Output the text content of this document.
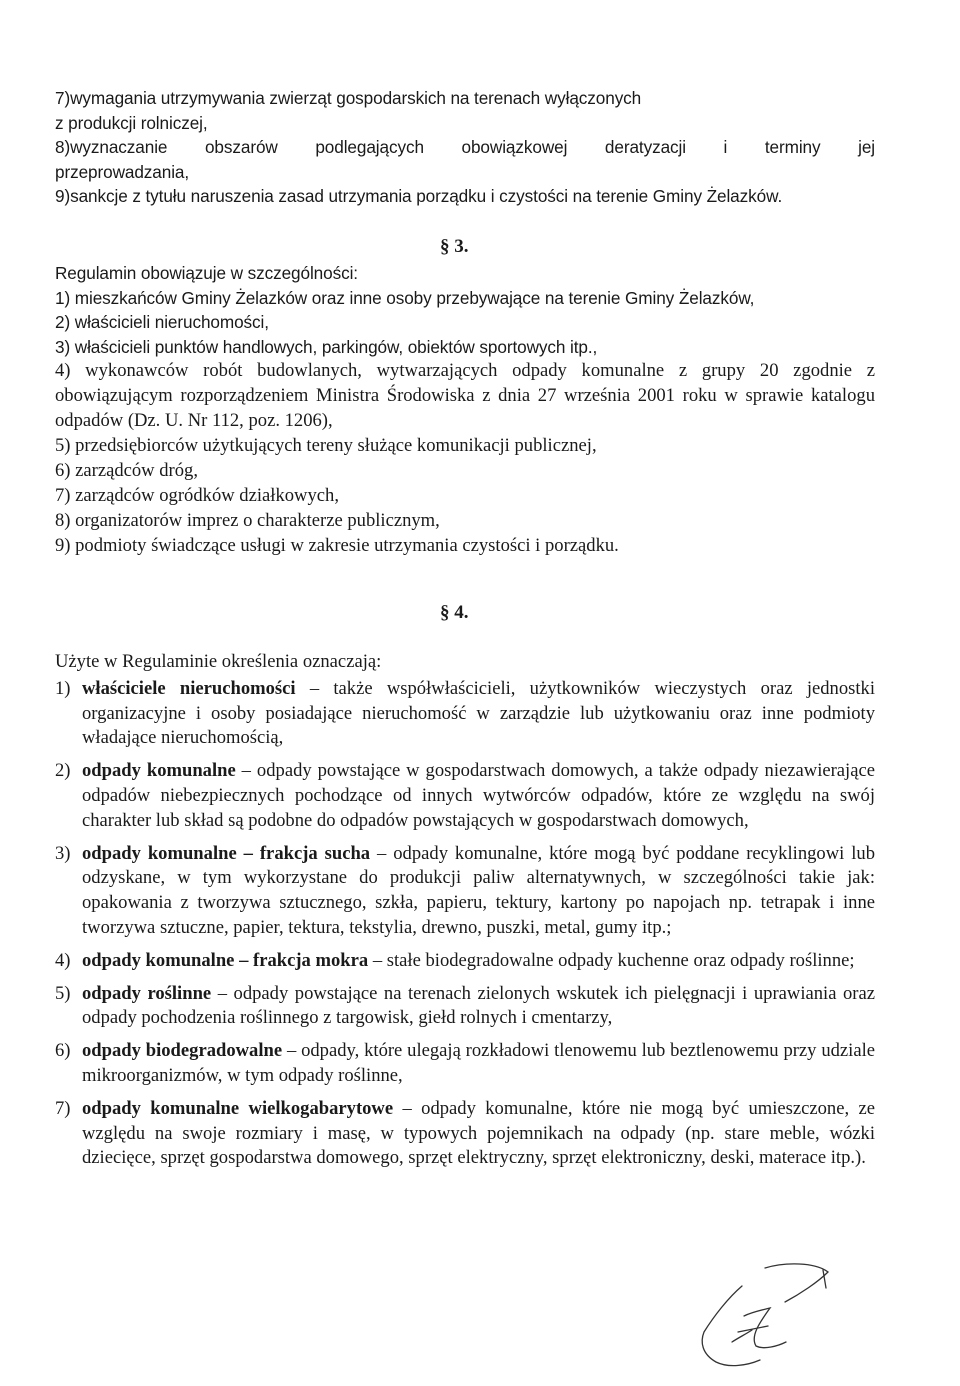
7)wymagania utrzymywania zwierząt gospodarskich na terenach wyłączonych
z produkcji rolniczej,
8)wyznaczanie obszarów podlegających obowiązkowej deratyzacji i terminy jej
przeprowadzania,
9)sankcje z tytułu naruszenia zasad utrzymania porządku i czystości na terenie Gminy Żelazków.
§ 3.
Regulamin obowiązuje w szczególności:
1) mieszkańców Gminy Żelazków oraz inne osoby przebywające na terenie Gminy Żelazków,
2) właścicieli nieruchomości,
3) właścicieli punktów handlowych, parkingów, obiektów sportowych itp.,
4) wykonawców robót budowlanych, wytwarzających odpady komunalne z grupy 20 zgodnie z obowiązującym rozporządzeniem Ministra Środowiska z dnia 27 września 2001 roku w sprawie katalogu odpadów (Dz. U. Nr 112, poz. 1206),
5) przedsiębiorców użytkujących tereny służące komunikacji publicznej,
6) zarządców dróg,
7) zarządców ogródków działkowych,
8) organizatorów imprez o charakterze publicznym,
9) podmioty świadczące usługi w zakresie utrzymania czystości i porządku.
§ 4.
Użyte w Regulaminie określenia oznaczają:
1) właściciele nieruchomości – także współwłaścicieli, użytkowników wieczystych oraz jednostki organizacyjne i osoby posiadające nieruchomość w zarządzie lub użytkowaniu oraz inne podmioty władające nieruchomością,
2) odpady komunalne – odpady powstające w gospodarstwach domowych, a także odpady niezawierające odpadów niebezpiecznych pochodzące od innych wytwórców odpadów, które ze względu na swój charakter lub skład są podobne do odpadów powstających w gospodarstwach domowych,
3) odpady komunalne – frakcja sucha – odpady komunalne, które mogą być poddane recyklingowi lub odzyskane, w tym wykorzystane do produkcji paliw alternatywnych, w szczególności takie jak: opakowania z tworzywa sztucznego, szkła, papieru, tektury, kartony po napojach np. tetrapak i inne tworzywa sztuczne, papier, tektura, tekstylia, drewno, puszki, metal, gumy itp.;
4) odpady komunalne – frakcja mokra – stałe biodegradowalne odpady kuchenne oraz odpady roślinne;
5) odpady roślinne – odpady powstające na terenach zielonych wskutek ich pielęgnacji i uprawiania oraz odpady pochodzenia roślinnego z targowisk, giełd rolnych i cmentarzy,
6) odpady biodegradowalne – odpady, które ulegają rozkładowi tlenowemu lub beztlenowemu przy udziale mikroorganizmów, w tym odpady roślinne,
7) odpady komunalne wielkogabarytowe – odpady komunalne, które nie mogą być umieszczone, ze względu na swoje rozmiary i masę, w typowych pojemnikach na odpady (np. stare meble, wózki dziecięce, sprzęt gospodarstwa domowego, sprzęt elektryczny, sprzęt elektroniczny, deski, materace itp.).
